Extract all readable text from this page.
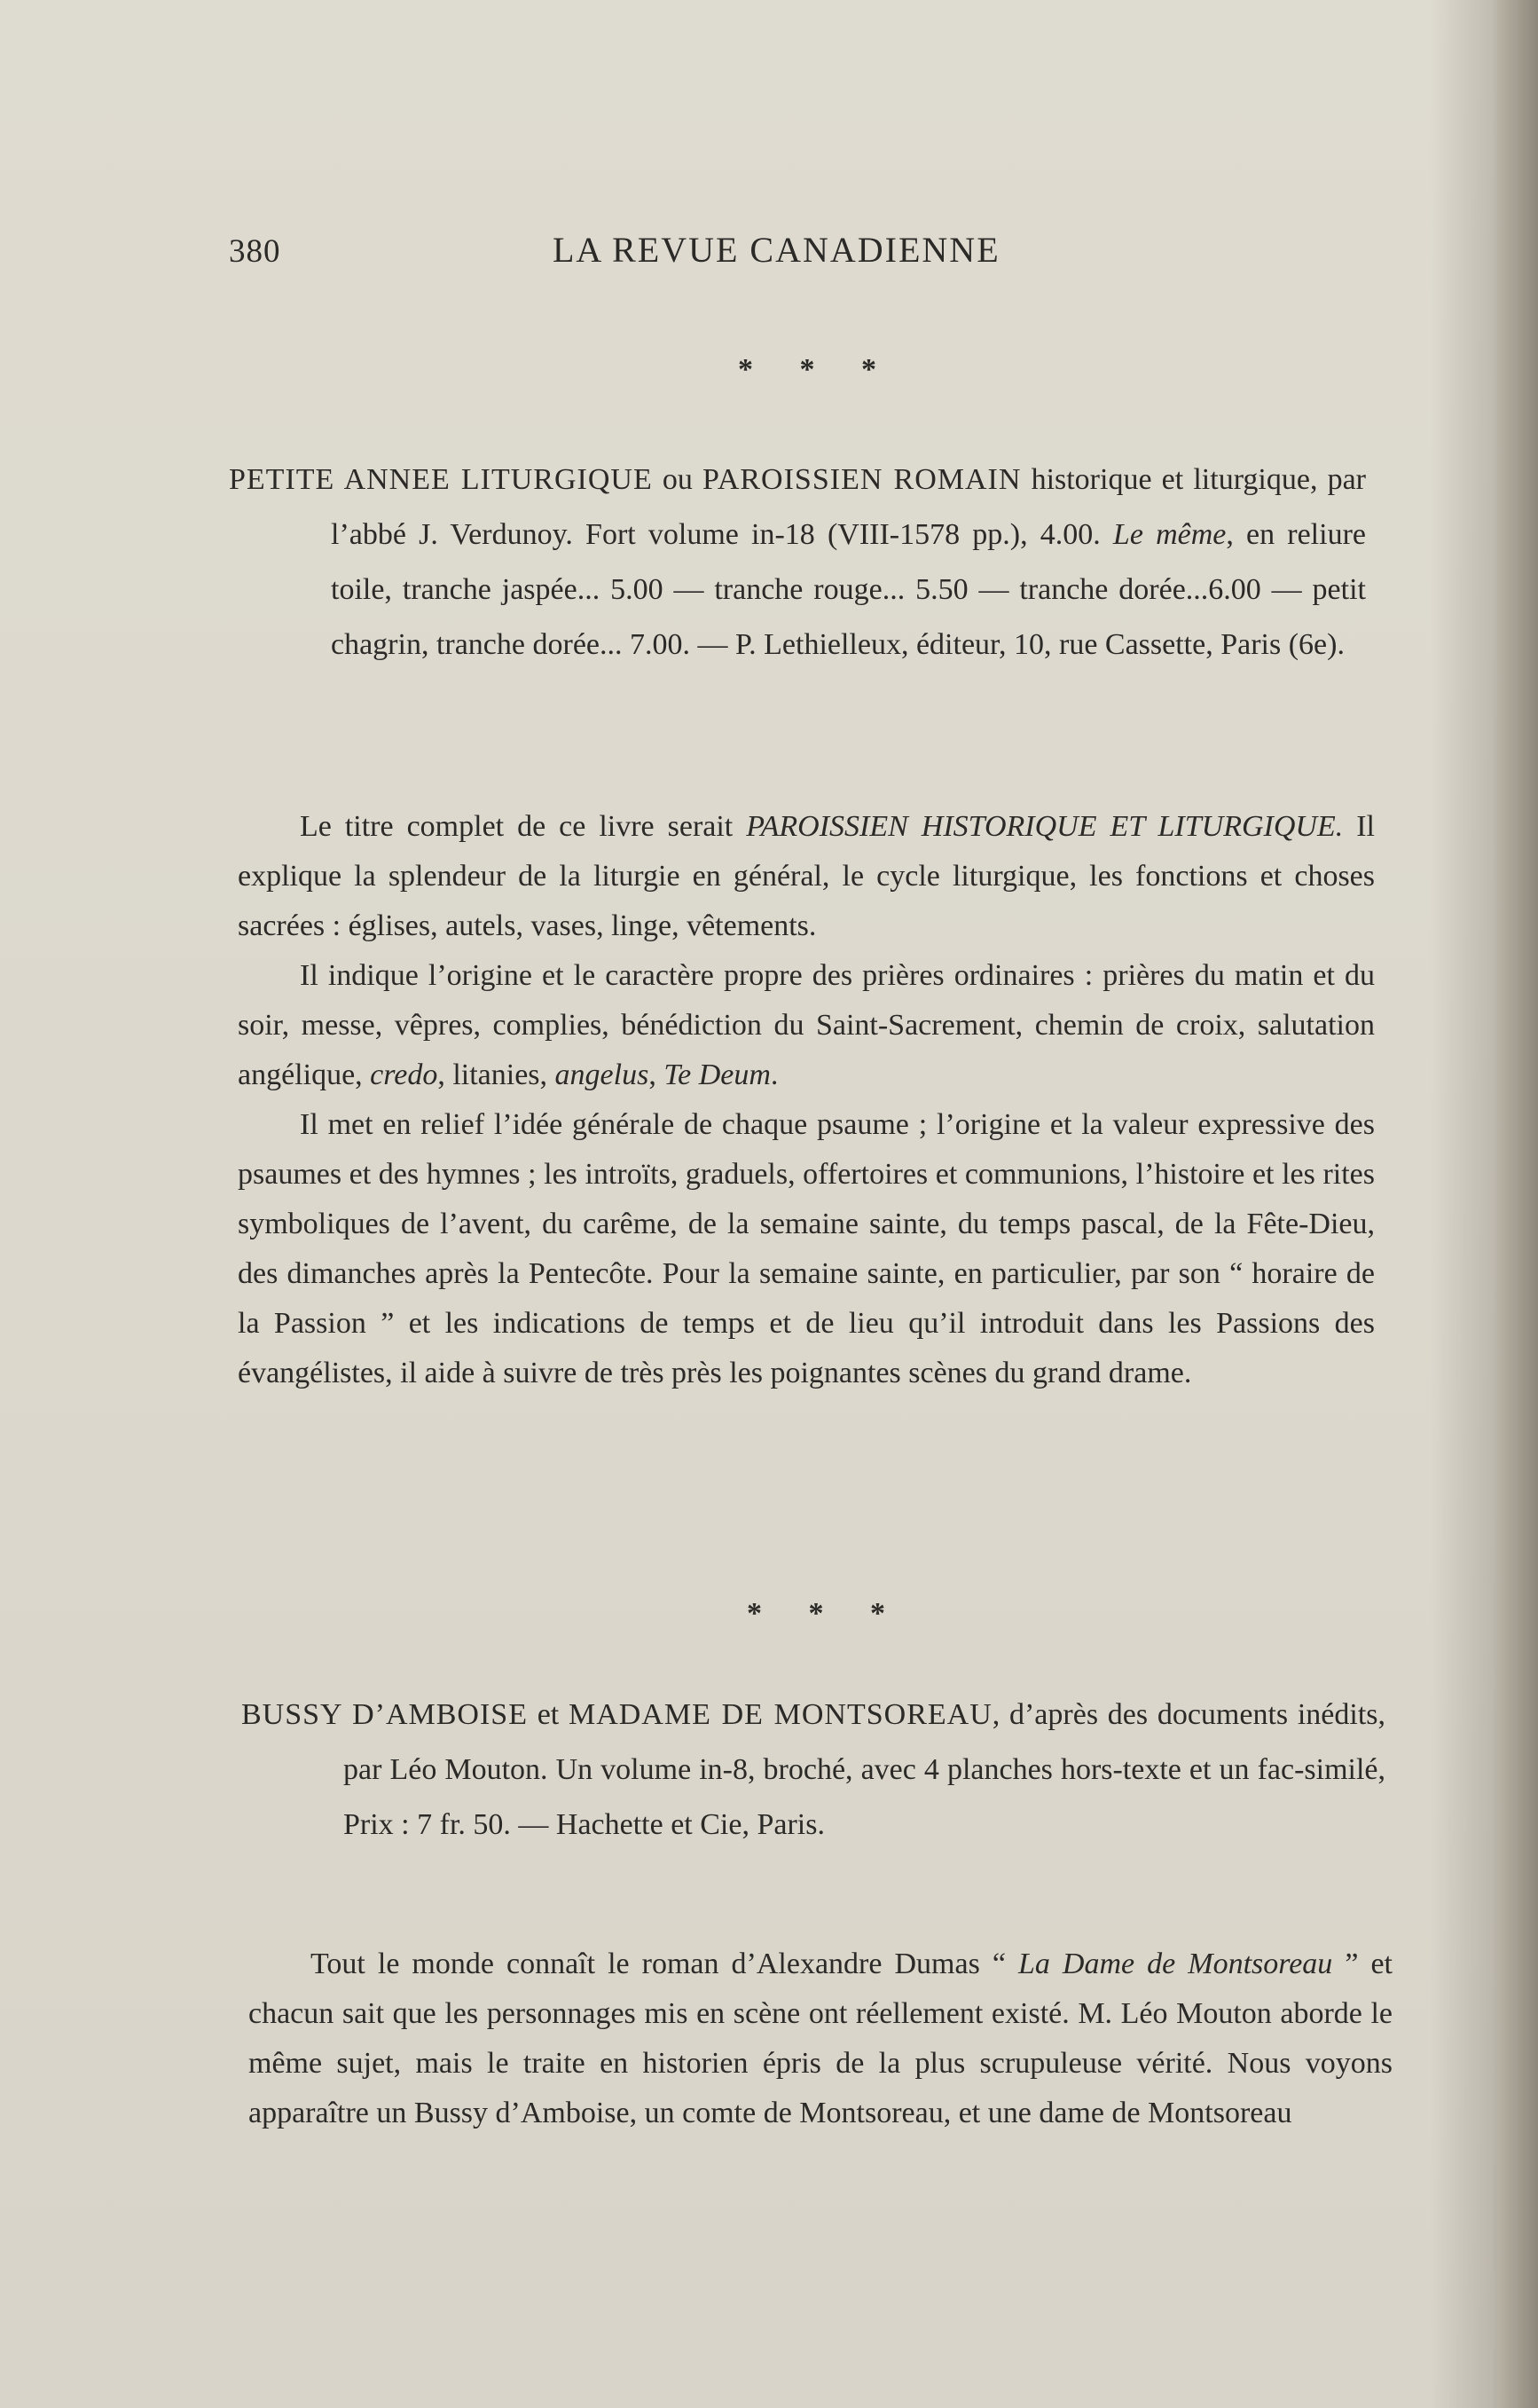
380	LA REVUE CANADIENNE
* * *
PETITE ANNEE LITURGIQUE ou PAROISSIEN ROMAIN historique et liturgique, par l’abbé J. Verdunoy. Fort volume in-18 (VIII-1578 pp.), 4.00. Le même, en reliure toile, tranche jaspée... 5.00 — tranche rouge... 5.50 — tranche dorée...6.00 — petit chagrin, tranche dorée... 7.00. — P. Lethielleux, éditeur, 10, rue Cassette, Paris (6e).

Le titre complet de ce livre serait PAROISSIEN HISTORIQUE ET LITURGIQUE. Il explique la splendeur de la liturgie en général, le cycle liturgique, les fonctions et choses sacrées : églises, autels, vases, linge, vêtements.

Il indique l’origine et le caractère propre des prières ordinaires : prières du matin et du soir, messe, vêpres, complies, bénédiction du Saint-Sacrement, chemin de croix, salutation angélique, credo, litanies, angelus, Te Deum.

Il met en relief l’idée générale de chaque psaume ; l’origine et la valeur expressive des psaumes et des hymnes ; les introïts, graduels, offertoires et communions, l’histoire et les rites symboliques de l’avent, du carême, de la semaine sainte, du temps pascal, de la Fête-Dieu, des dimanches après la Pentecôte. Pour la semaine sainte, en particulier, par son “ horaire de la Passion ” et les indications de temps et de lieu qu’il introduit dans les Passions des évangélistes, il aide à suivre de très près les poignantes scènes du grand drame.

* * *
BUSSY D’AMBOISE et MADAME DE MONTSOREAU, d’après des documents inédits, par Léo Mouton. Un volume in-8, broché, avec 4 planches hors-texte et un fac-similé, Prix : 7 fr. 50. — Hachette et Cie, Paris.

Tout le monde connaît le roman d’Alexandre Dumas “ La Dame de Montsoreau ” et chacun sait que les personnages mis en scène ont réellement existé. M. Léo Mouton aborde le même sujet, mais le traite en historien épris de la plus scrupuleuse vérité. Nous voyons apparaître un Bussy d’Amboise, un comte de Montsoreau, et une dame de Montsoreau
